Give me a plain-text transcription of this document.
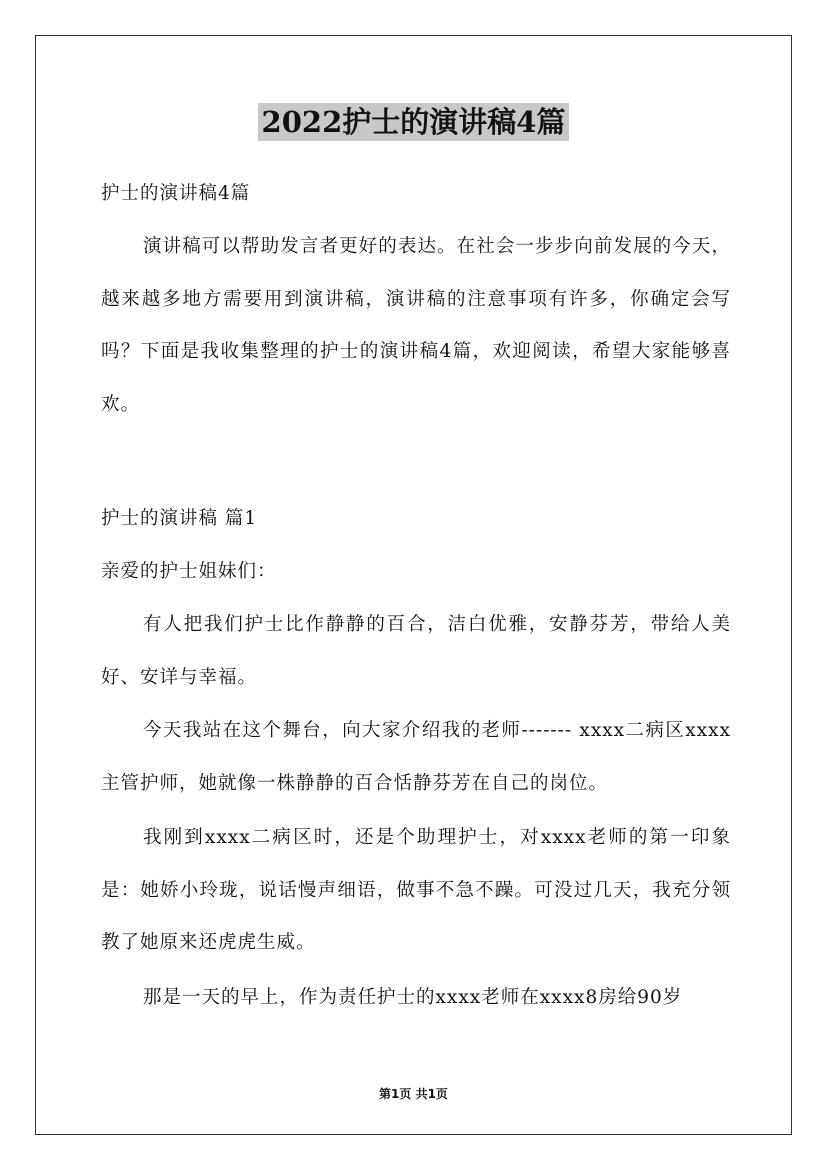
2022护士的演讲稿4篇

护士的演讲稿4篇

演讲稿可以帮助发言者更好的表达。在社会一步步向前发展的今天，越来越多地方需要用到演讲稿，演讲稿的注意事项有许多，你确定会写吗？下面是我收集整理的护士的演讲稿4篇，欢迎阅读，希望大家能够喜欢。

护士的演讲稿 篇1

亲爱的护士姐妹们：

有人把我们护士比作静静的百合，洁白优雅，安静芬芳，带给人美好、安详与幸福。

今天我站在这个舞台，向大家介绍我的老师------- xxxx二病区xxxx主管护师，她就像一株静静的百合恬静芬芳在自己的岗位。

我刚到xxxx二病区时，还是个助理护士，对xxxx老师的第一印象是：她娇小玲珑，说话慢声细语，做事不急不躁。可没过几天，我充分领教了她原来还虎虎生威。

那是一天的早上，作为责任护士的xxxx老师在xxxx8房给90岁

第1页 共1页
